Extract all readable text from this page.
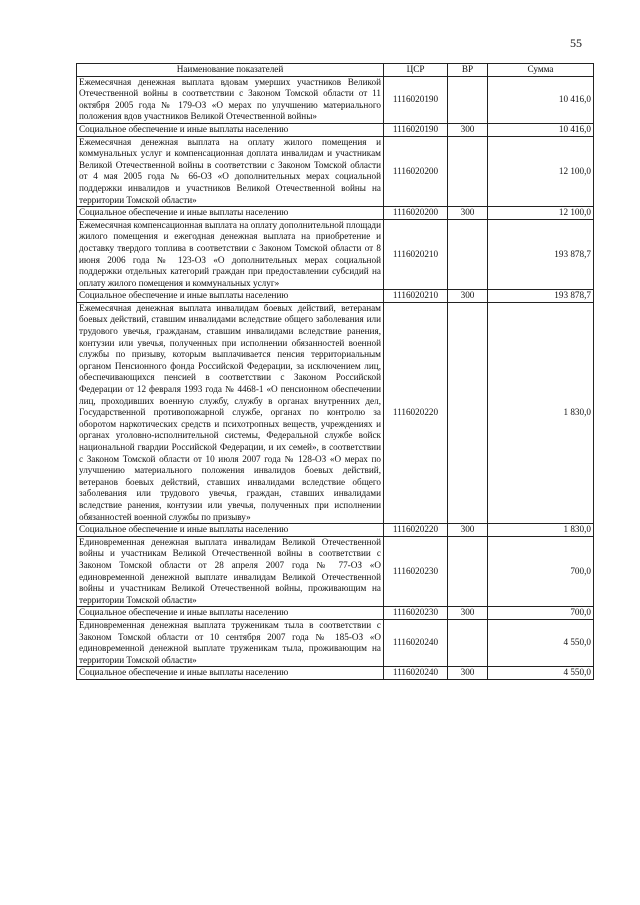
55
Наименование показателей	ЦСР	ВР	Сумма
Ежемесячная денежная выплата вдовам умерших участников Великой Отечественной войны в соответствии с Законом Томской области от 11 октября 2005 года № 179-ОЗ «О мерах по улучшению материального положения вдов участников Великой Отечественной войны»	1116020190		10 416,0
Социальное обеспечение и иные выплаты населению	1116020190	300	10 416,0
Ежемесячная денежная выплата на оплату жилого помещения и коммунальных услуг и компенсационная доплата инвалидам и участникам Великой Отечественной войны в соответствии с Законом Томской области от 4 мая 2005 года № 66-ОЗ «О дополнительных мерах социальной поддержки инвалидов и участников Великой Отечественной войны на территории Томской области»	1116020200		12 100,0
Социальное обеспечение и иные выплаты населению	1116020200	300	12 100,0
Ежемесячная компенсационная выплата на оплату дополнительной площади жилого помещения и ежегодная денежная выплата на приобретение и доставку твердого топлива в соответствии с Законом Томской области от 8 июня 2006 года № 123-ОЗ «О дополнительных мерах социальной поддержки отдельных категорий граждан при предоставлении субсидий на оплату жилого помещения и коммунальных услуг»	1116020210		193 878,7
Социальное обеспечение и иные выплаты населению	1116020210	300	193 878,7
Ежемесячная денежная выплата инвалидам боевых действий, ветеранам боевых действий, ставшим инвалидами вследствие общего заболевания или трудового увечья, гражданам, ставшим инвалидами вследствие ранения, контузии или увечья, полученных при исполнении обязанностей военной службы по призыву, которым выплачивается пенсия территориальным органом Пенсионного фонда Российской Федерации, за исключением лиц, обеспечивающихся пенсией в соответствии с Законом Российской Федерации от 12 февраля 1993 года № 4468-1 «О пенсионном обеспечении лиц, проходивших военную службу, службу в органах внутренних дел, Государственной противопожарной службе, органах по контролю за оборотом наркотических средств и психотропных веществ, учреждениях и органах уголовно-исполнительной системы, Федеральной службе войск национальной гвардии Российской Федерации, и их семей», в соответствии с Законом Томской области от 10 июля 2007 года № 128-ОЗ «О мерах по улучшению материального положения инвалидов боевых действий, ветеранов боевых действий, ставших инвалидами вследствие общего заболевания или трудового увечья, граждан, ставших инвалидами вследствие ранения, контузии или увечья, полученных при исполнении обязанностей военной службы по призыву»	1116020220		1 830,0
Социальное обеспечение и иные выплаты населению	1116020220	300	1 830,0
Единовременная денежная выплата инвалидам Великой Отечественной войны и участникам Великой Отечественной войны в соответствии с Законом Томской области от 28 апреля 2007 года № 77-ОЗ «О единовременной денежной выплате инвалидам Великой Отечественной войны и участникам Великой Отечественной войны, проживающим на территории Томской области»	1116020230		700,0
Социальное обеспечение и иные выплаты населению	1116020230	300	700,0
Единовременная денежная выплата труженикам тыла в соответствии с Законом Томской области от 10 сентября 2007 года № 185-ОЗ «О единовременной денежной выплате труженикам тыла, проживающим на территории Томской области»	1116020240		4 550,0
Социальное обеспечение и иные выплаты населению	1116020240	300	4 550,0
